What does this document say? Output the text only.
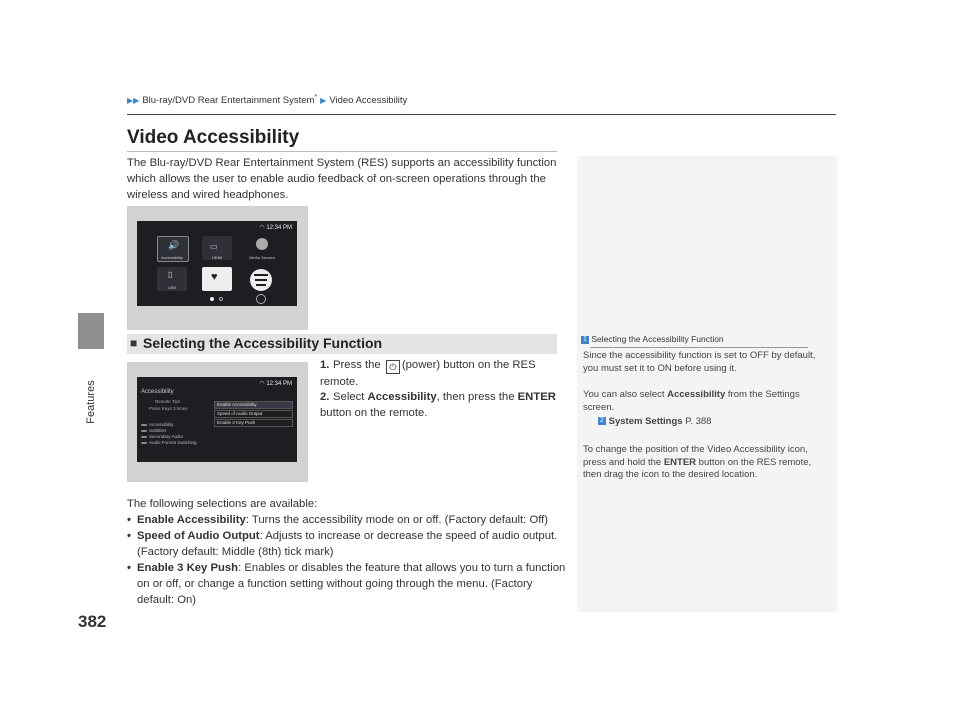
Features
382
▶▶ Blu-ray/DVD Rear Entertainment System* ▶ Video Accessibility
Video Accessibility
The Blu-ray/DVD Rear Entertainment System (RES) supports an accessibility function which allows the user to enable audio feedback of on-screen operations through the wireless and wired headphones.
◠ 12:34 PM
🔊
Accessibility
▭
HDMI	Media Servers
▯
USB
♥
■ Selecting the Accessibility Function
◠ 12:34 PM
Accessibility
Remote Tips
Press Keys 3 times
Accessibility
Subtitles
Secondary Audio
Audio Format Switching
Enable Accessibility
Speed of Audio Output
Enable 3 Key Push
1. Press the ⏻ (power) button on the RES remote.
2. Select Accessibility, then press the ENTER button on the remote.
The following selections are available:
• Enable Accessibility: Turns the accessibility mode on or off. (Factory default: Off)
• Speed of Audio Output: Adjusts to increase or decrease the speed of audio output. (Factory default: Middle (8th) tick mark)
• Enable 3 Key Push: Enables or disables the feature that allows you to turn a function on or off, or change a function setting without going through the menu. (Factory default: On)
1 Selecting the Accessibility Function
Since the accessibility function is set to OFF by default, you must set it to ON before using it.
You can also select Accessibility from the Settings screen.
2 System Settings P. 388
To change the position of the Video Accessibility icon, press and hold the ENTER button on the RES remote, then drag the icon to the desired location.
